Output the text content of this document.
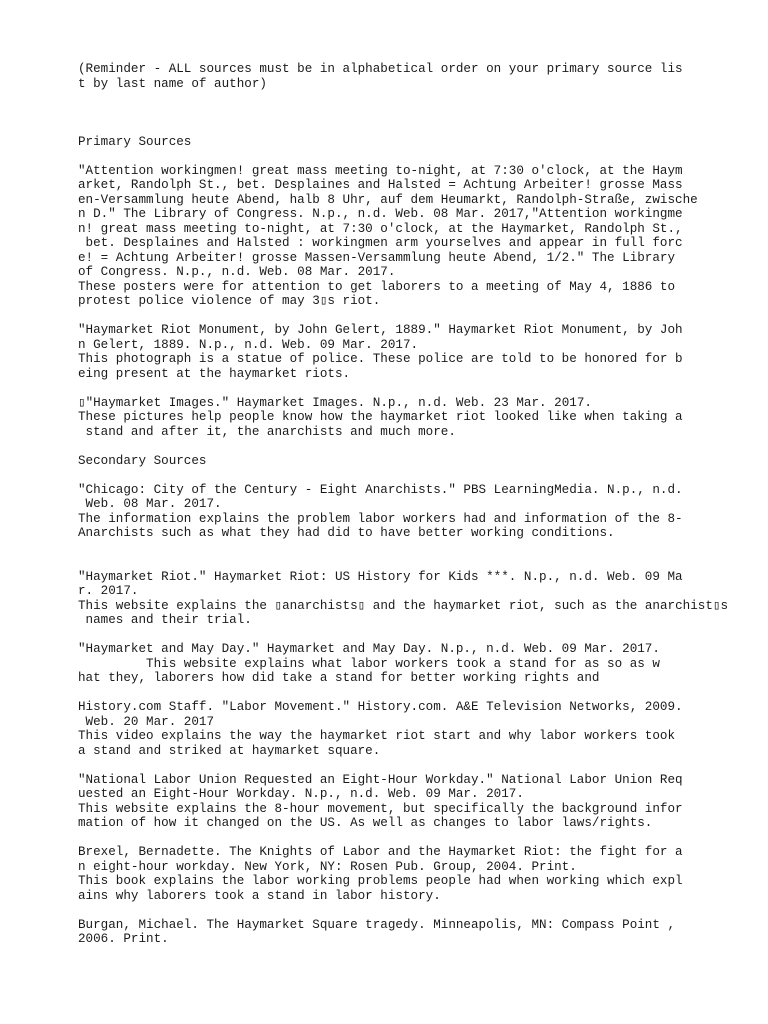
(Reminder - ALL sources must be in alphabetical order on your primary source lis
t by last name of author)
Primary Sources
"Attention workingmen! great mass meeting to-night, at 7:30 o'clock, at the Haym
arket, Randolph St., bet. Desplaines and Halsted = Achtung Arbeiter! grosse Mass
en-Versammlung heute Abend, halb 8 Uhr, auf dem Heumarkt, Randolph-Straße, zwische
n D." The Library of Congress. N.p., n.d. Web. 08 Mar. 2017,"Attention workingme
n! great mass meeting to-night, at 7:30 o'clock, at the Haymarket, Randolph St.,
bet. Desplaines and Halsted : workingmen arm yourselves and appear in full forc
e! = Achtung Arbeiter! grosse Massen-Versammlung heute Abend, 1/2." The Library
of Congress. N.p., n.d. Web. 08 Mar. 2017.
These posters were for attention to get laborers to a meeting of May 4, 1886 to
protest police violence of may 3▯s riot.
"Haymarket Riot Monument, by John Gelert, 1889." Haymarket Riot Monument, by Joh
n Gelert, 1889. N.p., n.d. Web. 09 Mar. 2017.
This photograph is a statue of police. These police are told to be honored for b
eing present at the haymarket riots.
▯"Haymarket Images." Haymarket Images. N.p., n.d. Web. 23 Mar. 2017.
These pictures help people know how the haymarket riot looked like when taking a
stand and after it, the anarchists and much more.
Secondary Sources
"Chicago: City of the Century - Eight Anarchists." PBS LearningMedia. N.p., n.d.
Web. 08 Mar. 2017.
The information explains the problem labor workers had and information of the 8-
Anarchists such as what they had did to have better working conditions.
"Haymarket Riot." Haymarket Riot: US History for Kids ***. N.p., n.d. Web. 09 Ma
r. 2017.
This website explains the ▯anarchists▯ and the haymarket riot, such as the anarchist▯s
names and their trial.
"Haymarket and May Day." Haymarket and May Day. N.p., n.d. Web. 09 Mar. 2017.
This website explains what labor workers took a stand for as so as w
hat they, laborers how did take a stand for better working rights and
History.com Staff. "Labor Movement." History.com. A&E Television Networks, 2009.
Web. 20 Mar. 2017
This video explains the way the haymarket riot start and why labor workers took
a stand and striked at haymarket square.
"National Labor Union Requested an Eight-Hour Workday." National Labor Union Req
uested an Eight-Hour Workday. N.p., n.d. Web. 09 Mar. 2017.
This website explains the 8-hour movement, but specifically the background infor
mation of how it changed on the US. As well as changes to labor laws/rights.
Brexel, Bernadette. The Knights of Labor and the Haymarket Riot: the fight for a
n eight-hour workday. New York, NY: Rosen Pub. Group, 2004. Print.
This book explains the labor working problems people had when working which expl
ains why laborers took a stand in labor history.
Burgan, Michael. The Haymarket Square tragedy. Minneapolis, MN: Compass Point ,
2006. Print.
